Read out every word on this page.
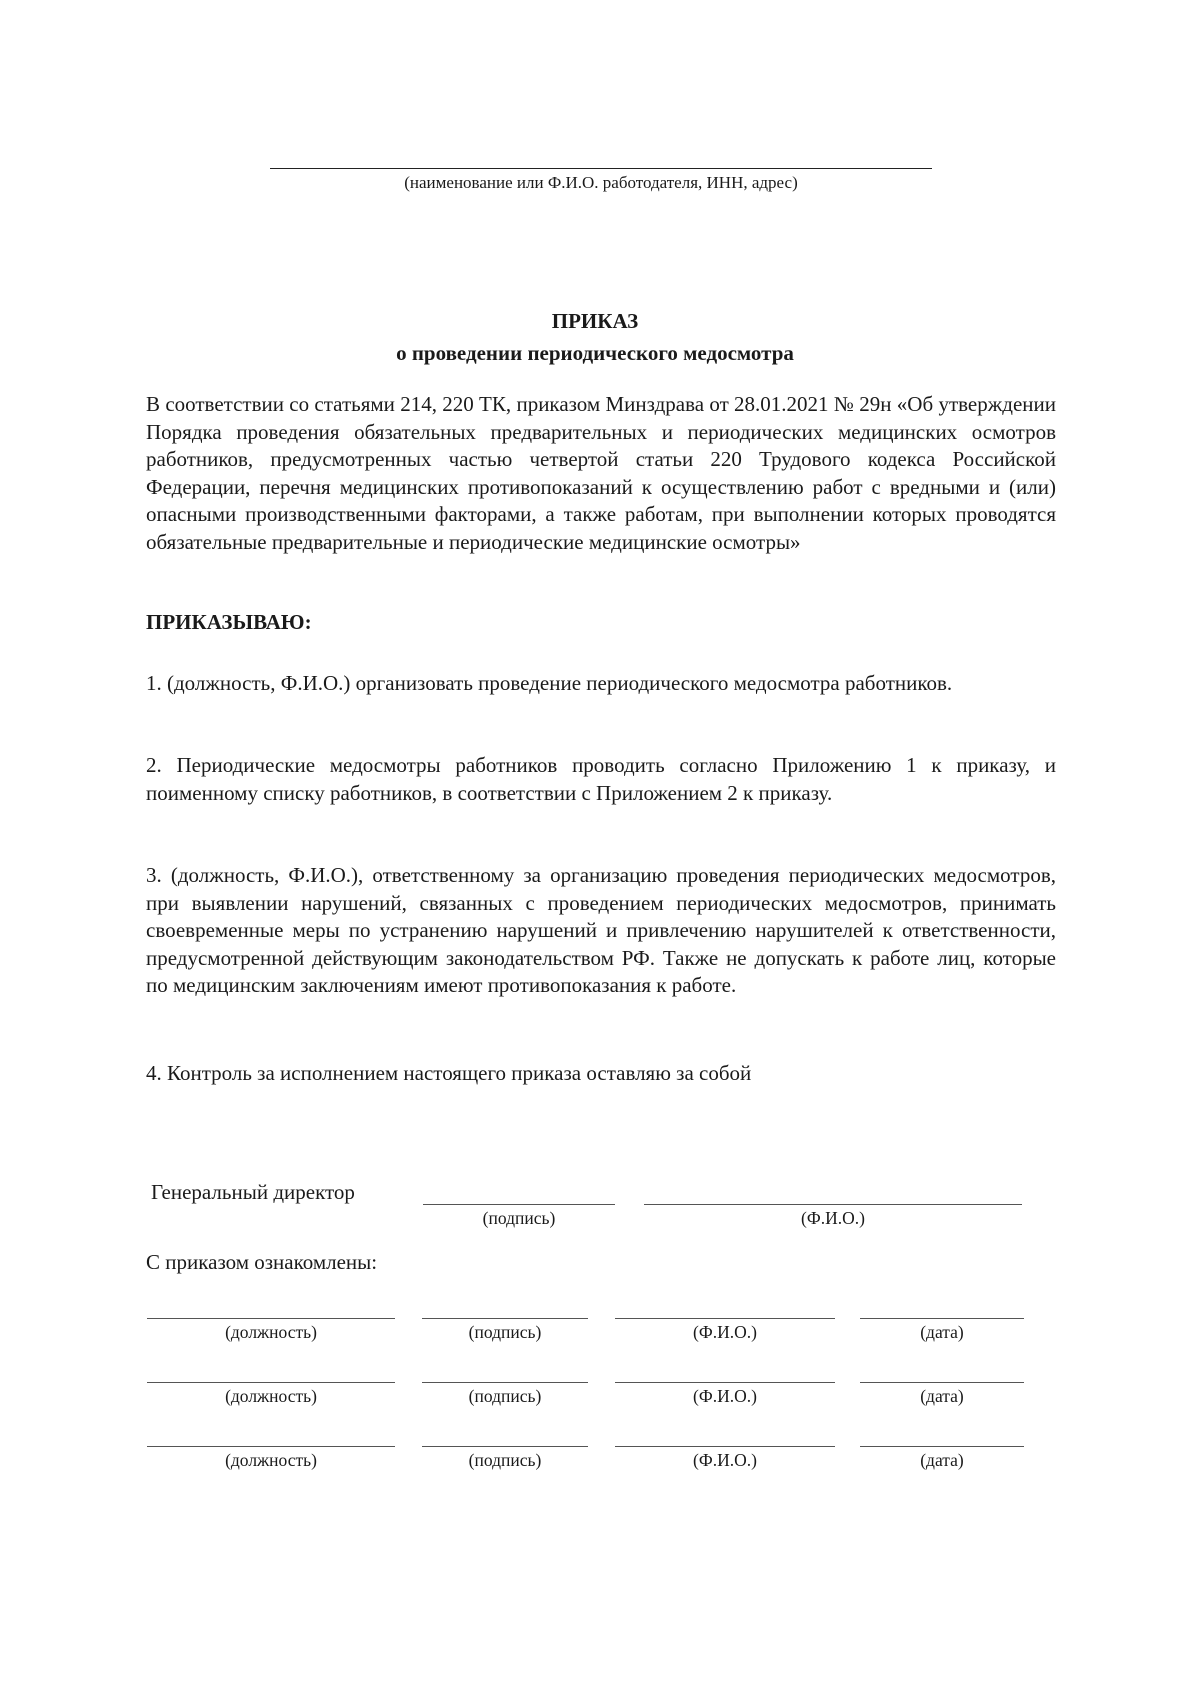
(наименование или Ф.И.О. работодателя, ИНН, адрес)
ПРИКАЗ
о проведении периодического медосмотра

В соответствии со статьями 214, 220 ТК, приказом Минздрава от 28.01.2021 № 29н «Об утверждении Порядка проведения обязательных предварительных и периодических медицинских осмотров работников, предусмотренных частью четвертой статьи 220 Трудового кодекса Российской Федерации, перечня медицинских противопоказаний к осуществлению работ с вредными и (или) опасными производственными факторами, а также работам, при выполнении которых проводятся обязательные предварительные и периодические медицинские осмотры»

ПРИКАЗЫВАЮ:

1. (должность, Ф.И.О.) организовать проведение периодического медосмотра работников.

2. Периодические медосмотры работников проводить согласно Приложению 1 к приказу, и поименному списку работников, в соответствии с Приложением 2 к приказу.

3. (должность, Ф.И.О.), ответственному за организацию проведения периодических медосмотров, при выявлении нарушений, связанных с проведением периодических медосмотров, принимать своевременные меры по устранению нарушений и привлечению нарушителей к ответственности, предусмотренной действующим законодательством РФ. Также не допускать к работе лиц, которые по медицинским заключениям имеют противопоказания к работе.

4. Контроль за исполнением настоящего приказа оставляю за собой

Генеральный директор
(подпись)	(Ф.И.О.)
С приказом ознакомлены:
(должность)	(подпись)	(Ф.И.О.)	(дата)
(должность)	(подпись)	(Ф.И.О.)	(дата)
(должность)	(подпись)	(Ф.И.О.)	(дата)
